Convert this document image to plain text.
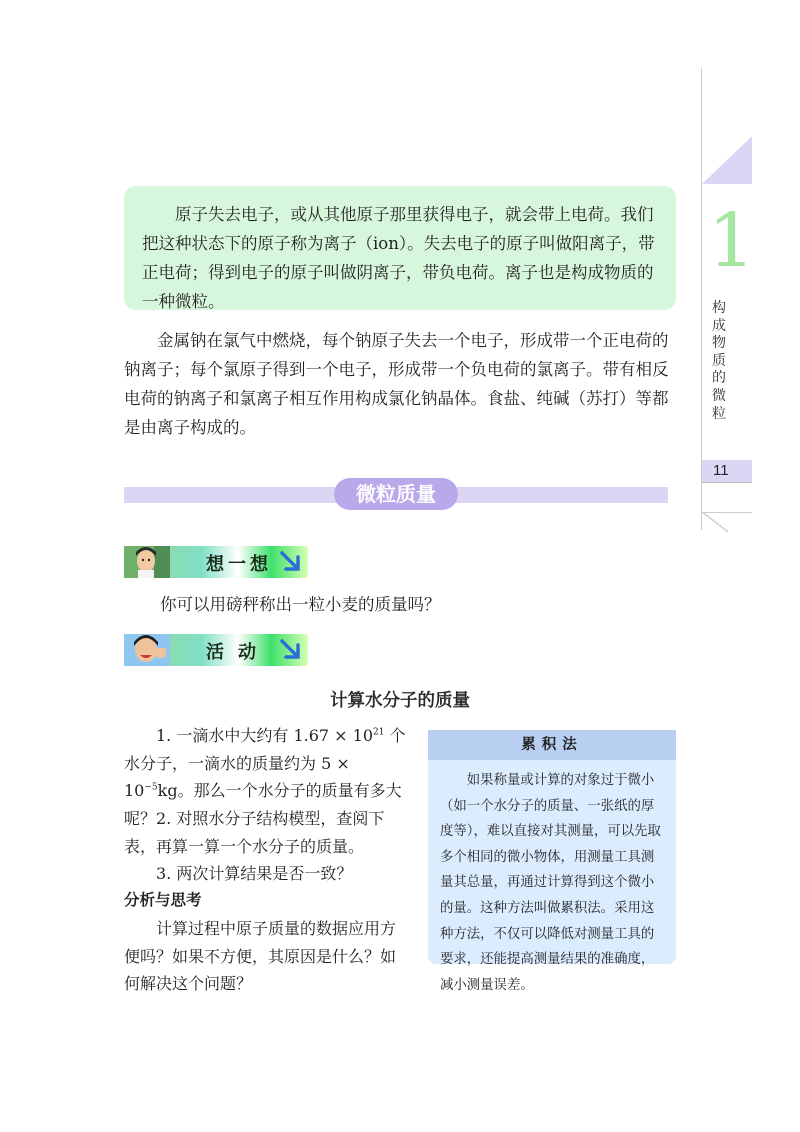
原子失去电子，或从其他原子那里获得电子，就会带上电荷。我们把这种状态下的原子称为离子（ion）。失去电子的原子叫做阳离子，带正电荷；得到电子的原子叫做阴离子，带负电荷。离子也是构成物质的一种微粒。

金属钠在氯气中燃烧，每个钠原子失去一个电子，形成带一个正电荷的钠离子；每个氯原子得到一个电子，形成带一个负电荷的氯离子。带有相反电荷的钠离子和氯离子相互作用构成氯化钠晶体。食盐、纯碱（苏打）等都是由离子构成的。

1
构成物质的微粒
11
微粒质量
想一想
你可以用磅秤称出一粒小麦的质量吗？
活动
计算水分子的质量

1. 一滴水中大约有 $1.67 \times 10^{21}$ 个水分子，一滴水的质量约为 $5 \times 10^{-5}kg$。那么一个水分子的质量有多大呢？ 2. 对照水分子结构模型，查阅下表，再算一算一个水分子的质量。

3. 两次计算结果是否一致？

分析与思考

计算过程中原子质量的数据应用方便吗？如果不方便，其原因是什么？如何解决这个问题？

累积法

如果称量或计算的对象过于微小（如一个水分子的质量、一张纸的厚度等），难以直接对其测量，可以先取多个相同的微小物体，用测量工具测量其总量，再通过计算得到这个微小的量。这种方法叫做累积法。采用这种方法，不仅可以降低对测量工具的要求，还能提高测量结果的准确度，减小测量误差。
